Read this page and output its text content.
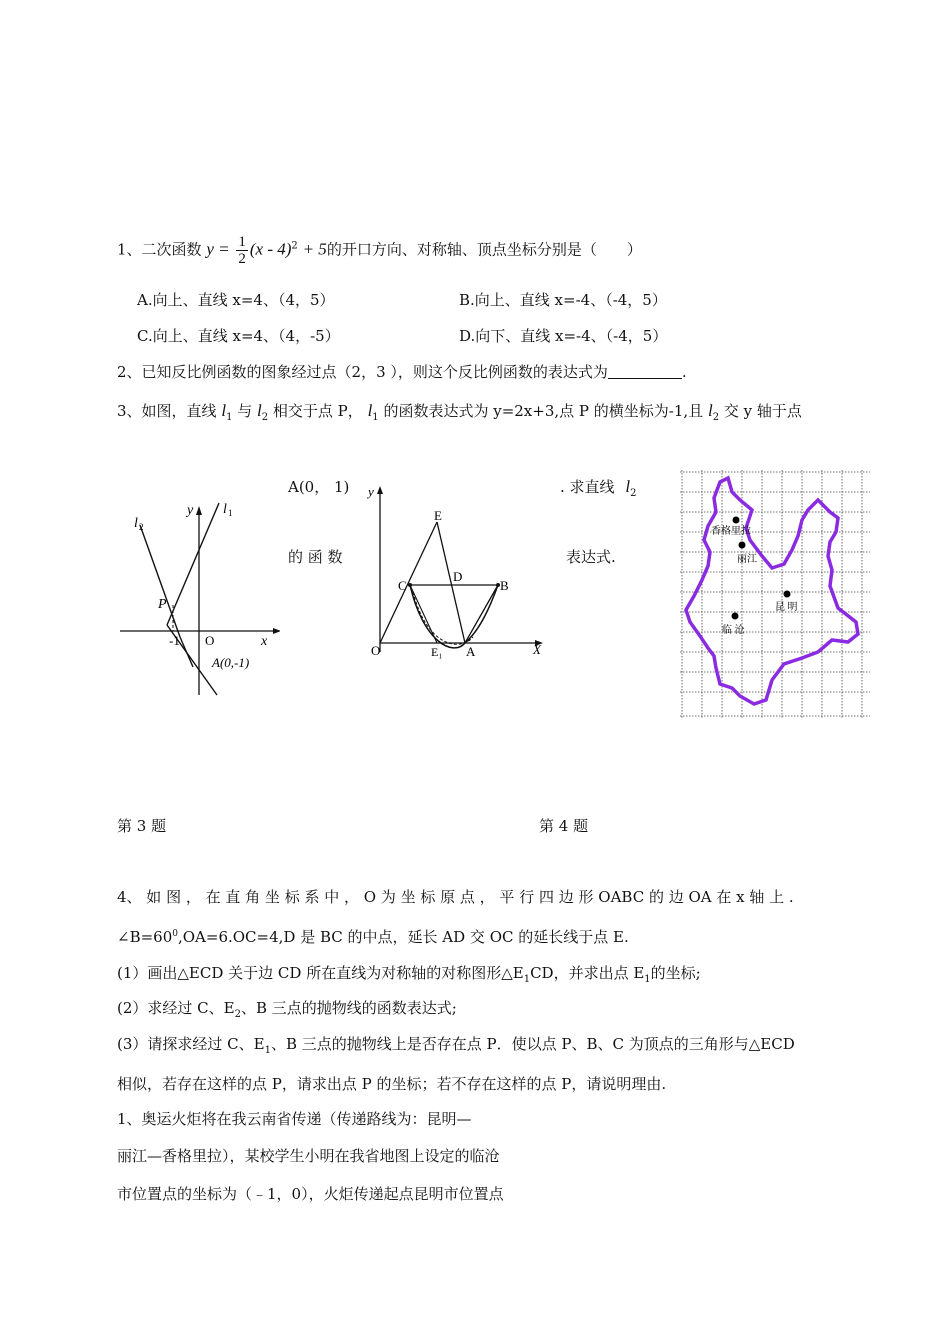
1、二次函数 $y = \frac{1}{2} (x - 4)^2 + 5$的开口方向、对称轴、顶点坐标分别是（　　）
A.向上、直线 x=4、（4，5）	B.向上、直线 x=-4、（-4，5）
C.向上、直线 x=4、（4，-5）	D.向下、直线 x=-4、（-4，5）
2、已知反比例函数的图象经过点（2，3 ），则这个反比例函数的表达式为	.
3、如图，直线 $l_1$ 与 $l_2$ 相交于点 P， $l_1$ 的函数表达式为 y=2x+3,点 P 的横坐标为-1,且 $l_2$ 交 y 轴于点
A(0， 1)	. 求直线 $l_2$
的 函 数	表达式.
y
x
l 1
l 2
P
-1 O
A(0,-1)
y
X
E
D
C	B
O	E₁ A
香格里拉
丽江
昆 明
临 沧
第 3 题	第 4 题
4、 如 图 ， 在 直 角 坐 标 系 中 ， O 为 坐 标 原 点 ， 平 行 四 边 形 OABC 的 边 OA 在 x 轴 上 .
$\angle B=60^0,OA=6.OC=4,D$ 是 BC 的中点，延长 AD 交 OC 的延长线于点 E.
(1）画出△ECD 关于边 CD 所在直线为对称轴的对称图形$\triangle E_1CD$，并求出点 $E_1$的坐标;
(2）求经过 C、$E_2$、B 三点的抛物线的函数表达式;
(3）请探求经过 C、$E_1$、B 三点的抛物线上是否存在点 P．使以点 P、B、C 为顶点的三角形与△ECD
相似，若存在这样的点 P，请求出点 P 的坐标；若不存在这样的点 P，请说明理由.
1、奥运火炬将在我云南省传递（传递路线为：昆明—
丽江—香格里拉），某校学生小明在我省地图上设定的临沧
市位置点的坐标为（﹣1，0），火炬传递起点昆明市位置点
